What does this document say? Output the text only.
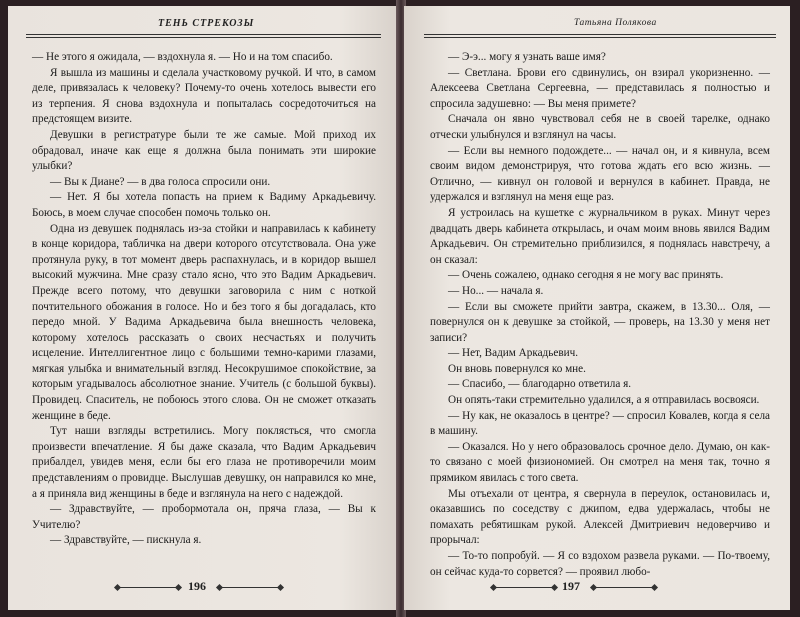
ТЕНЬ СТРЕКОЗЫ

— Не этого я ожидала, — вздохнула я. — Но и на том спасибо.

Я вышла из машины и сделала участковому ручкой. И что, в самом деле, привязалась к человеку? Почему-то очень хотелось вывести его из терпения. Я снова вздохнула и попыталась сосредоточиться на предстоящем визите.

Девушки в регистратуре были те же самые. Мой приход их обрадовал, иначе как еще я должна была понимать эти широкие улыбки?

— Вы к Диане? — в два голоса спросили они.

— Нет. Я бы хотела попасть на прием к Вадиму Аркадьевичу. Боюсь, в моем случае способен помочь только он.

Одна из девушек поднялась из-за стойки и направилась к кабинету в конце коридора, табличка на двери которого отсутствовала. Она уже протянула руку, в тот момент дверь распахнулась, и в коридор вышел высокий мужчина. Мне сразу стало ясно, что это Вадим Аркадьевич. Прежде всего потому, что девушки заговорила с ним с ноткой почтительного обожания в голосе. Но и без того я бы догадалась, кто передо мной. У Вадима Аркадьевича была внешность человека, которому хотелось рассказать о своих несчастьях и получить исцеление. Интеллигентное лицо с большими темно-карими глазами, мягкая улыбка и внимательный взгляд. Несокрушимое спокойствие, за которым угадывалось абсолютное знание. Учитель (с большой буквы). Провидец. Спаситель, не побоюсь этого слова. Он не сможет отказать женщине в беде.

Тут наши взгляды встретились. Могу поклясться, что смогла произвести впечатление. Я бы даже сказала, что Вадим Аркадьевич прибалдел, увидев меня, если бы его глаза не противоречили моим представлениям о провидце. Выслушав девушку, он направился ко мне, а я приняла вид женщины в беде и взглянула на него с надеждой.

— Здравствуйте, — пробормотала он, пряча глаза, — Вы к Учителю?

— Здравствуйте, — пискнула я.

196
Татьяна Полякова

— Э-э... могу я узнать ваше имя?

— Светлана. Брови его сдвинулись, он взирал укоризненно. — Алексеева Светлана Сергеевна, — представилась я полностью и спросила задушевно: — Вы меня примете?

Сначала он явно чувствовал себя не в своей тарелке, однако отчески улыбнулся и взглянул на часы.

— Если вы немного подождете... — начал он, и я кивнула, всем своим видом демонстрируя, что готова ждать его всю жизнь. — Отлично, — кивнул он головой и вернулся в кабинет. Правда, не удержался и взглянул на меня еще раз.

Я устроилась на кушетке с журнальчиком в руках. Минут через двадцать дверь кабинета открылась, и очам моим вновь явился Вадим Аркадьевич. Он стремительно приблизился, я поднялась навстречу, а он сказал:

— Очень сожалею, однако сегодня я не могу вас принять.

— Но... — начала я.

— Если вы сможете прийти завтра, скажем, в 13.30... Оля, — повернулся он к девушке за стойкой, — проверь, на 13.30 у меня нет записи?

— Нет, Вадим Аркадьевич.

Он вновь повернулся ко мне.

— Спасибо, — благодарно ответила я.

Он опять-таки стремительно удалился, а я отправилась восвояси.

— Ну как, не оказалось в центре? — спросил Ковалев, когда я села в машину.

— Оказался. Но у него образовалось срочное дело. Думаю, он как-то связано с моей физиономией. Он смотрел на меня так, точно я прямиком явилась с того света.

Мы отъехали от центра, я свернула в переулок, остановилась и, оказавшись по соседству с джипом, едва удержалась, чтобы не помахать ребятишкам рукой. Алексей Дмитриевич недоверчиво и прорычал:

— То-то попробуй. — Я со вздохом развела руками. — По-твоему, он сейчас куда-то сорвется? — проявил любо-

197
